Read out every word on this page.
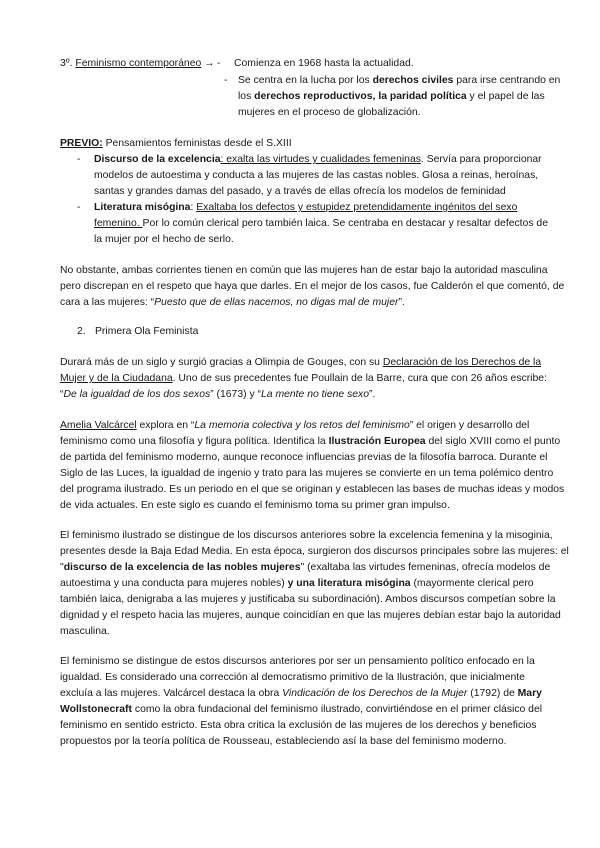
3º. Feminismo contemporáneo → - Comienza en 1968 hasta la actualidad.
- Se centra en la lucha por los derechos civiles para irse centrando en
los derechos reproductivos, la paridad política y el papel de las
mujeres en el proceso de globalización.
PREVIO: Pensamientos feministas desde el S.XIII
- Discurso de la excelencia: exalta las virtudes y cualidades femeninas. Servía para proporcionar
modelos de autoestima y conducta a las mujeres de las castas nobles. Glosa a reinas, heroínas,
santas y grandes damas del pasado, y a través de ellas ofrecía los modelos de feminidad
- Literatura misógina: Exaltaba los defectos y estupidez pretendidamente ingénitos del sexo
femenino. Por lo común clerical pero también laica. Se centraba en destacar y resaltar defectos de
la mujer por el hecho de serlo.
No obstante, ambas corrientes tienen en común que las mujeres han de estar bajo la autoridad masculina
pero discrepan en el respeto que haya que darles. En el mejor de los casos, fue Calderón el que comentó, de
cara a las mujeres: “Puesto que de ellas nacemos, no digas mal de mujer”.
2. Primera Ola Feminista
Durará más de un siglo y surgió gracias a Olimpia de Gouges, con su Declaración de los Derechos de la
Mujer y de la Ciudadana. Uno de sus precedentes fue Poullain de la Barre, cura que con 26 años escribe:
“De la igualdad de los dos sexos” (1673) y “La mente no tiene sexo”.
Amelia Valcárcel explora en “La memoria colectiva y los retos del feminismo” el origen y desarrollo del
feminismo como una filosofía y figura política. Identifica la Ilustración Europea del siglo XVIII como el punto
de partida del feminismo moderno, aunque reconoce influencias previas de la filosofía barroca. Durante el
Siglo de las Luces, la igualdad de ingenio y trato para las mujeres se convierte en un tema polémico dentro
del programa ilustrado. Es un periodo en el que se originan y establecen las bases de muchas ideas y modos
de vida actuales. En este siglo es cuando el feminismo toma su primer gran impulso.
El feminismo ilustrado se distingue de los discursos anteriores sobre la excelencia femenina y la misoginia,
presentes desde la Baja Edad Media. En esta época, surgieron dos discursos principales sobre las mujeres: el
"discurso de la excelencia de las nobles mujeres" (exaltaba las virtudes femeninas, ofrecía modelos de
autoestima y una conducta para mujeres nobles) y una literatura misógina (mayormente clerical pero
también laica, denigraba a las mujeres y justificaba su subordinación). Ambos discursos competían sobre la
dignidad y el respeto hacia las mujeres, aunque coincidían en que las mujeres debían estar bajo la autoridad
masculina.
El feminismo se distingue de estos discursos anteriores por ser un pensamiento político enfocado en la
igualdad. Es considerado una corrección al democratismo primitivo de la Ilustración, que inicialmente
excluía a las mujeres. Valcárcel destaca la obra Vindicación de los Derechos de la Mujer (1792) de Mary
Wollstonecraft como la obra fundacional del feminismo ilustrado, convirtiéndose en el primer clásico del
feminismo en sentido estricto. Esta obra critica la exclusión de las mujeres de los derechos y beneficios
propuestos por la teoría política de Rousseau, estableciendo así la base del feminismo moderno.
